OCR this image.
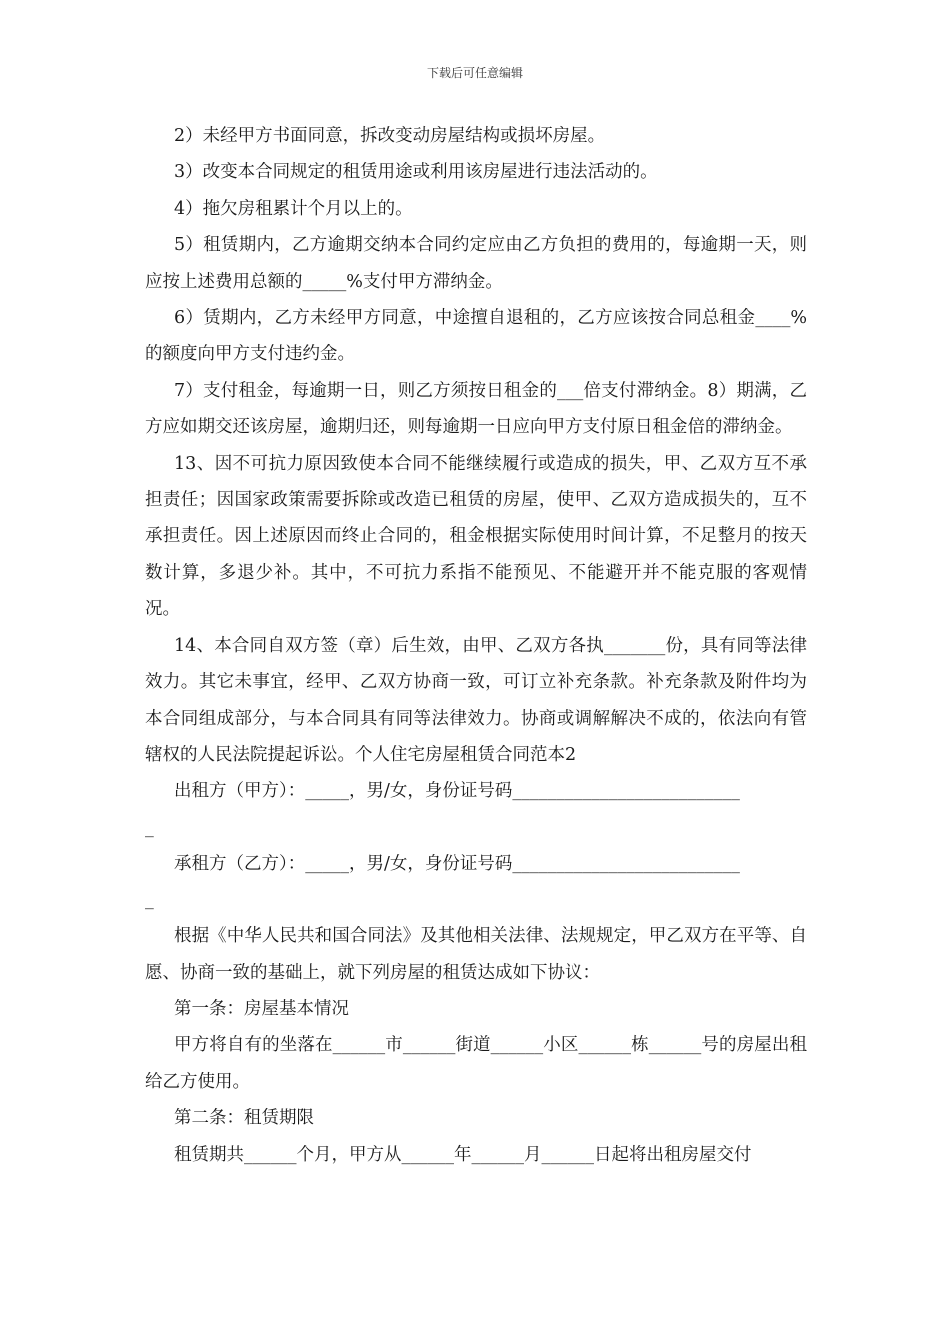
下载后可任意编辑

2）未经甲方书面同意，拆改变动房屋结构或损坏房屋。

3）改变本合同规定的租赁用途或利用该房屋进行违法活动的。

4）拖欠房租累计个月以上的。

5）租赁期内，乙方逾期交纳本合同约定应由乙方负担的费用的，每逾期一天，则应按上述费用总额的_____%支付甲方滞纳金。

6）赁期内，乙方未经甲方同意，中途擅自退租的，乙方应该按合同总租金____%的额度向甲方支付违约金。

7）支付租金，每逾期一日，则乙方须按日租金的___倍支付滞纳金。8）期满，乙方应如期交还该房屋，逾期归还，则每逾期一日应向甲方支付原日租金倍的滞纳金。

13、因不可抗力原因致使本合同不能继续履行或造成的损失，甲、乙双方互不承担责任；因国家政策需要拆除或改造已租赁的房屋，使甲、乙双方造成损失的，互不承担责任。因上述原因而终止合同的，租金根据实际使用时间计算，不足整月的按天数计算，多退少补。其中，不可抗力系指不能预见、不能避开并不能克服的客观情况。

14、本合同自双方签（章）后生效，由甲、乙双方各执_______份，具有同等法律效力。其它未事宜，经甲、乙双方协商一致，可订立补充条款。补充条款及附件均为本合同组成部分，与本合同具有同等法律效力。协商或调解解决不成的，依法向有管辖权的人民法院提起诉讼。个人住宅房屋租赁合同范本2

出租方（甲方）：_____，男/女，身份证号码__________________________

_

承租方（乙方）：_____，男/女，身份证号码__________________________

_

根据《中华人民共和国合同法》及其他相关法律、法规规定，甲乙双方在平等、自愿、协商一致的基础上，就下列房屋的租赁达成如下协议：

第一条：房屋基本情况

甲方将自有的坐落在______市______街道______小区______栋______号的房屋出租给乙方使用。

第二条：租赁期限

租赁期共______个月，甲方从______年______月______日起将出租房屋交付
